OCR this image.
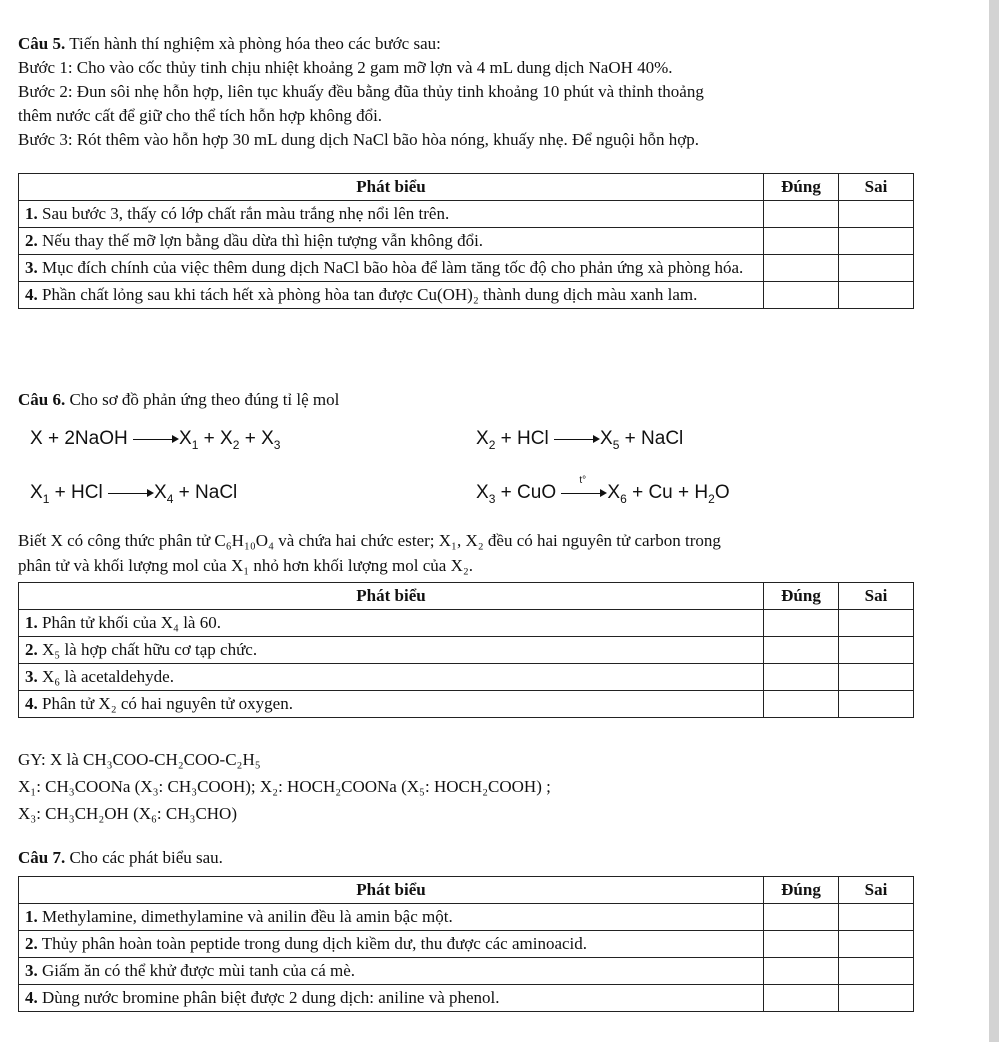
Câu 5. Tiến hành thí nghiệm xà phòng hóa theo các bước sau:
Bước 1: Cho vào cốc thủy tinh chịu nhiệt khoảng 2 gam mỡ lợn và 4 mL dung dịch NaOH 40%.
Bước 2: Đun sôi nhẹ hỗn hợp, liên tục khuấy đều bằng đũa thủy tinh khoảng 10 phút và thỉnh thoảng
thêm nước cất để giữ cho thể tích hỗn hợp không đổi.
Bước 3: Rót thêm vào hỗn hợp 30 mL dung dịch NaCl bão hòa nóng, khuấy nhẹ. Để nguội hỗn hợp.
Phát biểu	Đúng	Sai
1. Sau bước 3, thấy có lớp chất rắn màu trắng nhẹ nổi lên trên.		
2. Nếu thay thế mỡ lợn bằng dầu dừa thì hiện tượng vẫn không đổi.		
3. Mục đích chính của việc thêm dung dịch NaCl bão hòa để làm tăng tốc độ cho phản ứng xà phòng hóa.		
4. Phần chất lỏng sau khi tách hết xà phòng hòa tan được Cu(OH)₂ thành dung dịch màu xanh lam.		
Câu 6. Cho sơ đồ phản ứng theo đúng tỉ lệ mol
X + 2NaOH	$X_1 + X_2 + X_3$	$X_2$ + HCl	$X_5$ + NaCl
$X_1$ + HCl	$X_4$ + NaCl	$X_3$ + CuO
t°
$X_6 + Cu + H_2O$
Biết X có công thức phân tử C₆H₁₀O₄ và chứa hai chức ester; X₁, X₂ đều có hai nguyên tử carbon trong
phân tử và khối lượng mol của X₁ nhỏ hơn khối lượng mol của X₂.
Phát biểu	Đúng	Sai
1. Phân tử khối của X₄ là 60.		
2. X₅ là hợp chất hữu cơ tạp chức.		
3. X₆ là acetaldehyde.		
4. Phân tử X₂ có hai nguyên tử oxygen.		
GY: X là CH₃COO-CH₂COO-C₂H₅
X₁: CH₃COONa (X₃: CH₃COOH); X₂: HOCH₂COONa (X₅: HOCH₂COOH) ;
X₃: CH₃CH₂OH (X₆: CH₃CHO)
Câu 7. Cho các phát biểu sau.
Phát biểu	Đúng	Sai
1. Methylamine, dimethylamine và anilin đều là amin bậc một.		
2. Thủy phân hoàn toàn peptide trong dung dịch kiềm dư, thu được các aminoacid.		
3. Giấm ăn có thể khử được mùi tanh của cá mè.		
4. Dùng nước bromine phân biệt được 2 dung dịch: aniline và phenol.		
